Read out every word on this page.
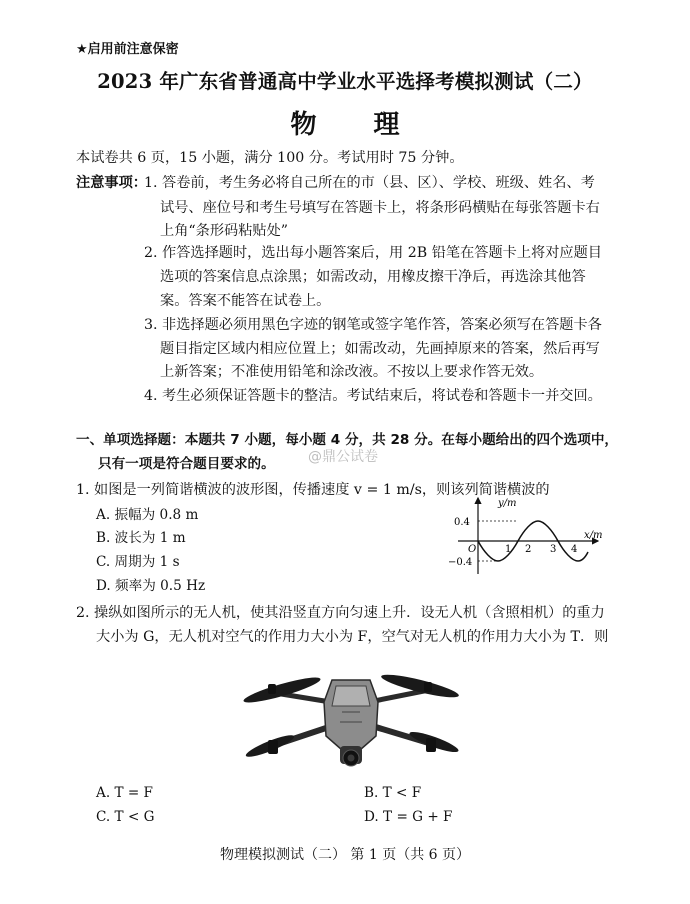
★启用前注意保密
2023 年广东省普通高中学业水平选择考模拟测试（二）
物 理
本试卷共 6 页，15 小题，满分 100 分。考试用时 75 分钟。
注意事项：
1. 答卷前，考生务必将自己所在的市（县、区）、学校、班级、姓名、考
试号、座位号和考生号填写在答题卡上，将条形码横贴在每张答题卡右
上角“条形码粘贴处”
2. 作答选择题时，选出每小题答案后，用 2B 铅笔在答题卡上将对应题目
选项的答案信息点涂黑；如需改动，用橡皮擦干净后，再选涂其他答
案。答案不能答在试卷上。
3. 非选择题必须用黑色字迹的钢笔或签字笔作答，答案必须写在答题卡各
题目指定区域内相应位置上；如需改动，先画掉原来的答案，然后再写
上新答案；不准使用铅笔和涂改液。不按以上要求作答无效。
4. 考生必须保证答题卡的整洁。考试结束后，将试卷和答题卡一并交回。
一、单项选择题：本题共 7 小题，每小题 4 分，共 28 分。在每小题给出的四个选项中，
只有一项是符合题目要求的。 @鼎公试卷
1. 如图是一列简谐横波的波形图，传播速度 v = 1 m/s，则该列简谐横波的
A. 振幅为 0.8 m
B. 波长为 1 m
C. 周期为 1 s
D. 频率为 0.5 Hz
y/m
x/m
O
0.4
−0.4
1 2 3 4
2. 操纵如图所示的无人机，使其沿竖直方向匀速上升．设无人机（含照相机）的重力
大小为 G，无人机对空气的作用力大小为 F，空气对无人机的作用力大小为 T．则
A. T = F	B. T < F
C. T < G	D. T = G + F
物理模拟测试（二） 第 1 页（共 6 页）
